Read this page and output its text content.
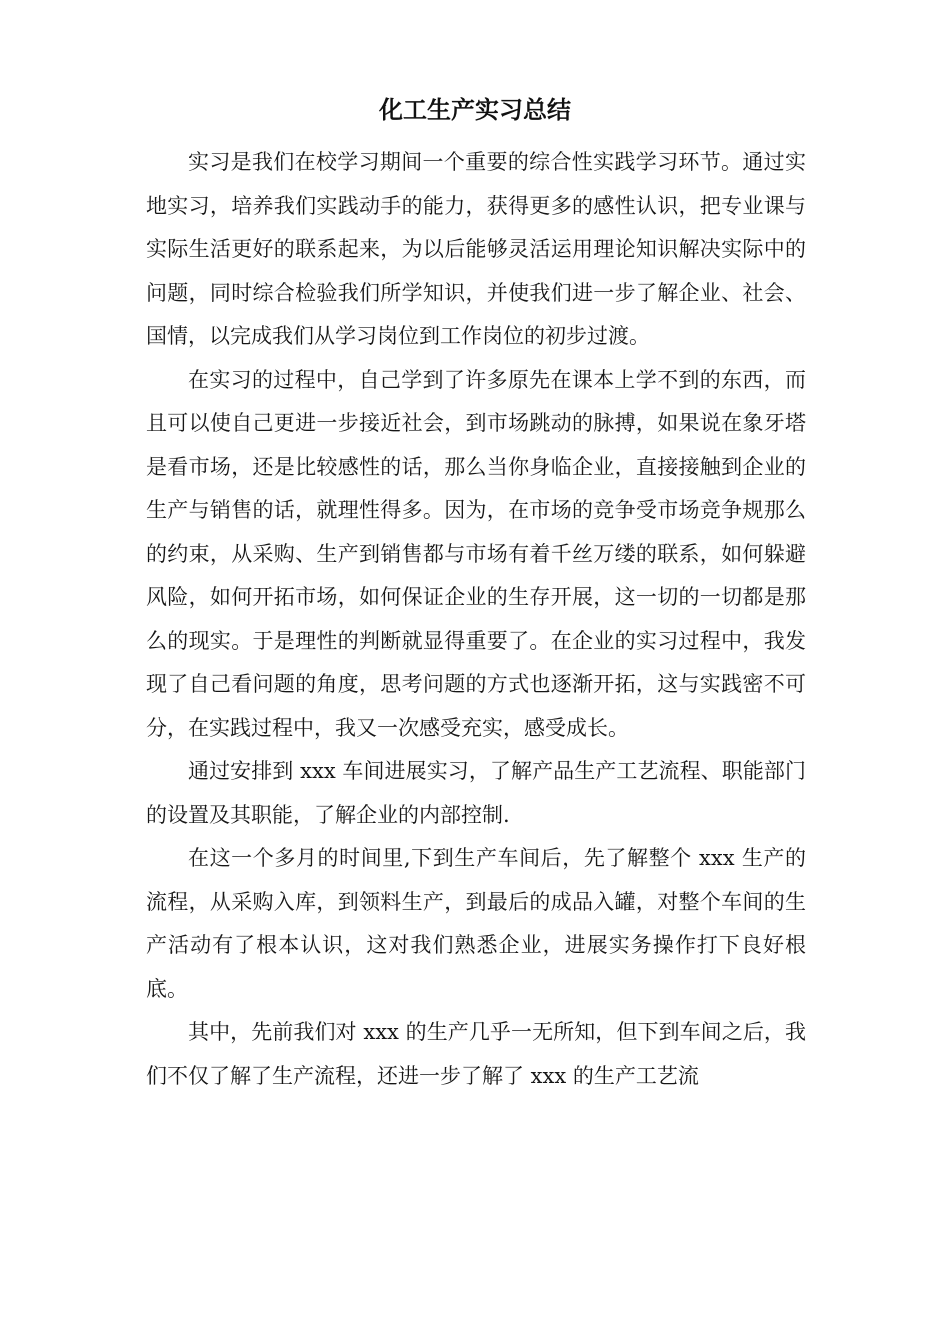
化工生产实习总结

实习是我们在校学习期间一个重要的综合性实践学习环节。通过实地实习，培养我们实践动手的能力，获得更多的感性认识，把专业课与实际生活更好的联系起来，为以后能够灵活运用理论知识解决实际中的问题，同时综合检验我们所学知识，并使我们进一步了解企业、社会、国情，以完成我们从学习岗位到工作岗位的初步过渡。

在实习的过程中，自己学到了许多原先在课本上学不到的东西，而且可以使自己更进一步接近社会，到市场跳动的脉搏，如果说在象牙塔是看市场，还是比较感性的话，那么当你身临企业，直接接触到企业的生产与销售的话，就理性得多。因为，在市场的竞争受市场竞争规那么的约束，从采购、生产到销售都与市场有着千丝万缕的联系，如何躲避风险，如何开拓市场，如何保证企业的生存开展，这一切的一切都是那么的现实。于是理性的判断就显得重要了。在企业的实习过程中，我发现了自己看问题的角度，思考问题的方式也逐渐开拓，这与实践密不可分，在实践过程中，我又一次感受充实，感受成长。

通过安排到 xxx 车间进展实习，了解产品生产工艺流程、职能部门的设置及其职能，了解企业的内部控制.

在这一个多月的时间里,下到生产车间后，先了解整个 xxx 生产的流程，从采购入库，到领料生产，到最后的成品入罐，对整个车间的生产活动有了根本认识，这对我们熟悉企业，进展实务操作打下良好根底。

其中，先前我们对 xxx 的生产几乎一无所知，但下到车间之后，我们不仅了解了生产流程，还进一步了解了 xxx 的生产工艺流
